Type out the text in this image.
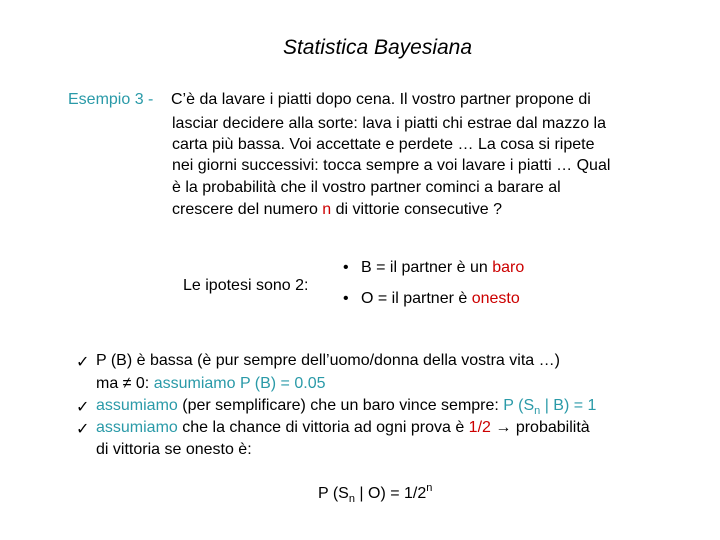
Statistica Bayesiana
Esempio 3 - C’è da lavare i piatti dopo cena. Il vostro partner propone di
lasciar decidere alla sorte: lava i piatti chi estrae dal mazzo la
carta più bassa. Voi accettate e perdete … La cosa si ripete
nei giorni successivi: tocca sempre a voi lavare i piatti … Qual
è la probabilità che il vostro partner cominci a barare al
crescere del numero n di vittorie consecutive ?
Le ipotesi sono 2:
• B = il partner è un baro
• O = il partner è onesto
✓ P (B) è bassa (è pur sempre dell’uomo/donna della vostra vita …)
ma ≠ 0: assumiamo P (B) = 0.05
✓ assumiamo (per semplificare) che un baro vince sempre: P ($S_n$ | B) = 1
✓ assumiamo che la chance di vittoria ad ogni prova è 1/2 → probabilità
di vittoria se onesto è:
P ($S_n$ | $O) = 1/2^n$
